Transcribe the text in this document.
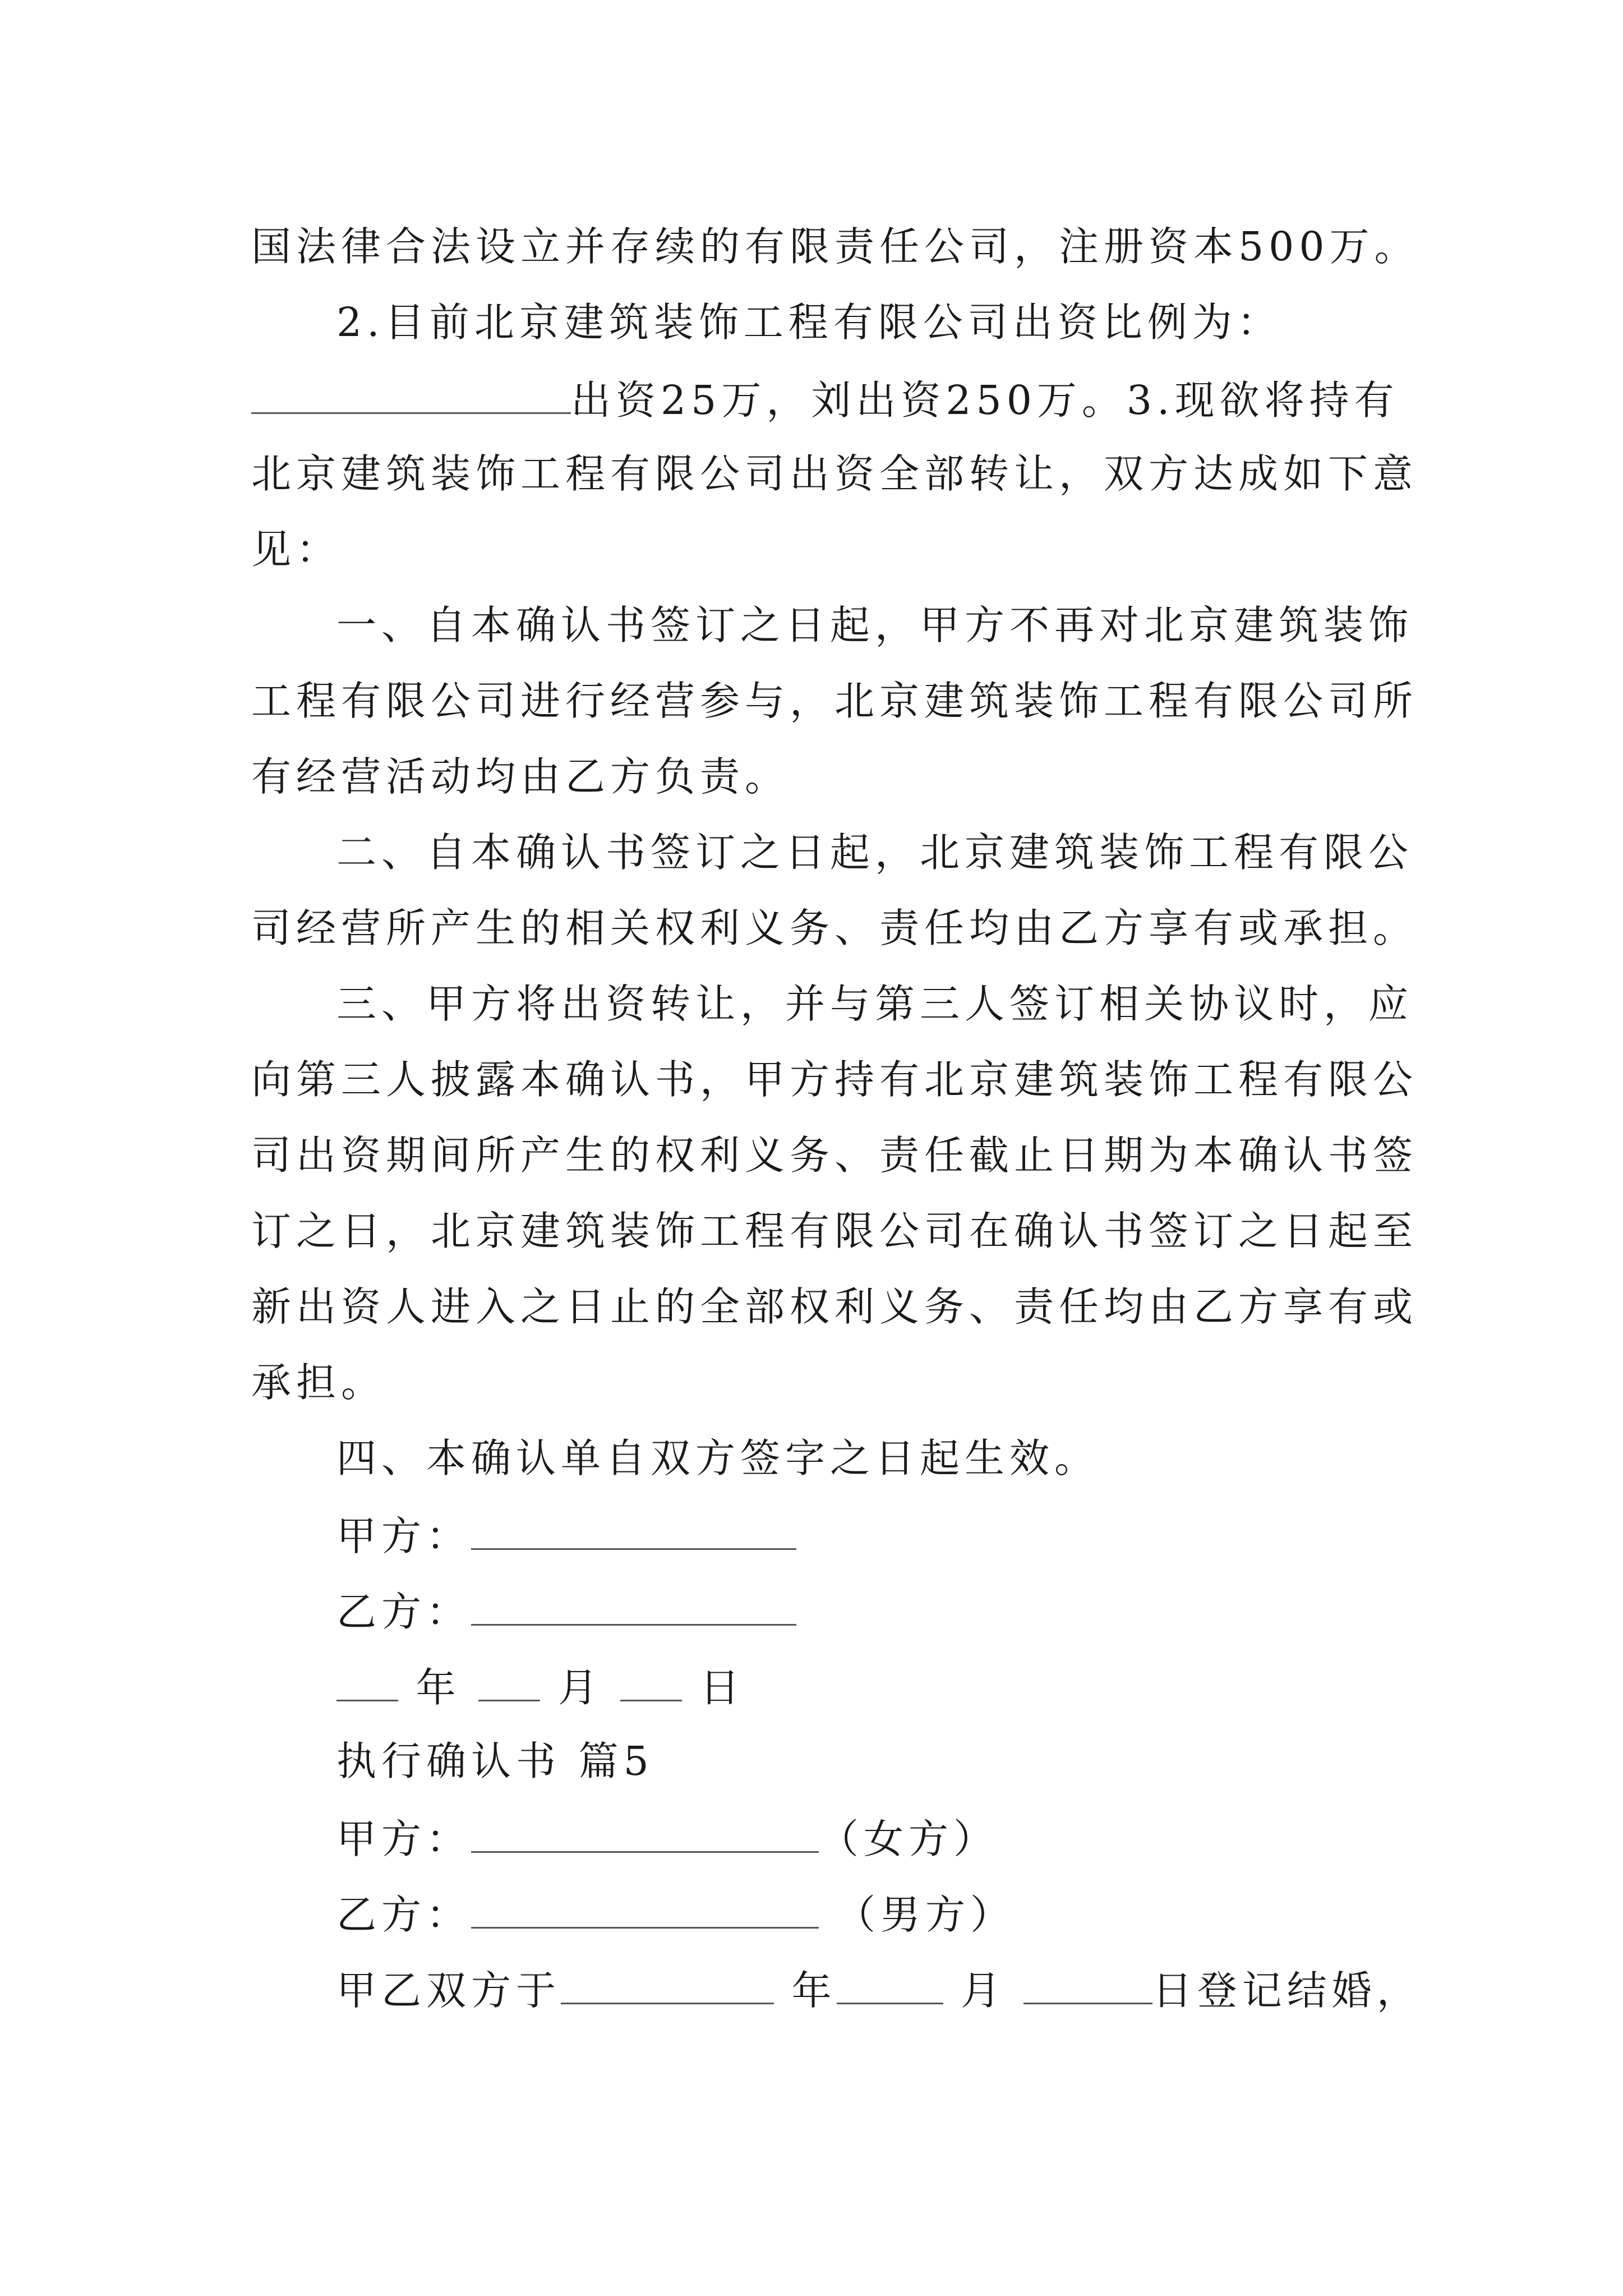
国法律合法设立并存续的有限责任公司，注册资本500万。
2.目前北京建筑装饰工程有限公司出资比例为：
出资25万，刘出资250万。3.现欲将持有
北京建筑装饰工程有限公司出资全部转让，双方达成如下意
见：
一、自本确认书签订之日起，甲方不再对北京建筑装饰
工程有限公司进行经营参与，北京建筑装饰工程有限公司所
有经营活动均由乙方负责。
二、自本确认书签订之日起，北京建筑装饰工程有限公
司经营所产生的相关权利义务、责任均由乙方享有或承担。
三、甲方将出资转让，并与第三人签订相关协议时，应
向第三人披露本确认书，甲方持有北京建筑装饰工程有限公
司出资期间所产生的权利义务、责任截止日期为本确认书签
订之日，北京建筑装饰工程有限公司在确认书签订之日起至
新出资人进入之日止的全部权利义务、责任均由乙方享有或
承担。
四、本确认单自双方签字之日起生效。
甲方：
乙方：
年 月 日
执行确认书 篇5
甲方：	（女方）
乙方：	（男方）
甲乙双方于	年	月	日登记结婚，
